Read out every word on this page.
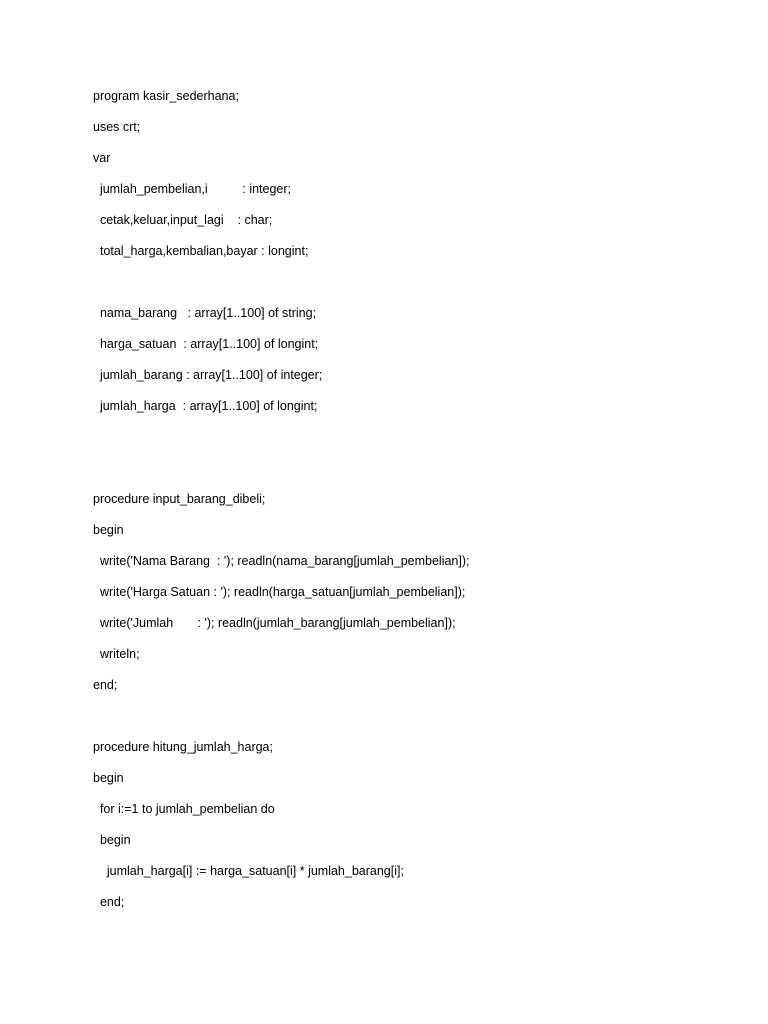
program kasir_sederhana;
uses crt;
var
jumlah_pembelian,i          : integer;
cetak,keluar,input_lagi    : char;
total_harga,kembalian,bayar : longint;
nama_barang   : array[1..100] of string;
harga_satuan  : array[1..100] of longint;
jumlah_barang : array[1..100] of integer;
jumlah_harga  : array[1..100] of longint;
procedure input_barang_dibeli;
begin
write('Nama Barang  : '); readln(nama_barang[jumlah_pembelian]);
write('Harga Satuan : '); readln(harga_satuan[jumlah_pembelian]);
write('Jumlah       : '); readln(jumlah_barang[jumlah_pembelian]);
writeln;
end;
procedure hitung_jumlah_harga;
begin
for i:=1 to jumlah_pembelian do
begin
jumlah_harga[i] := harga_satuan[i] * jumlah_barang[i];
end;
